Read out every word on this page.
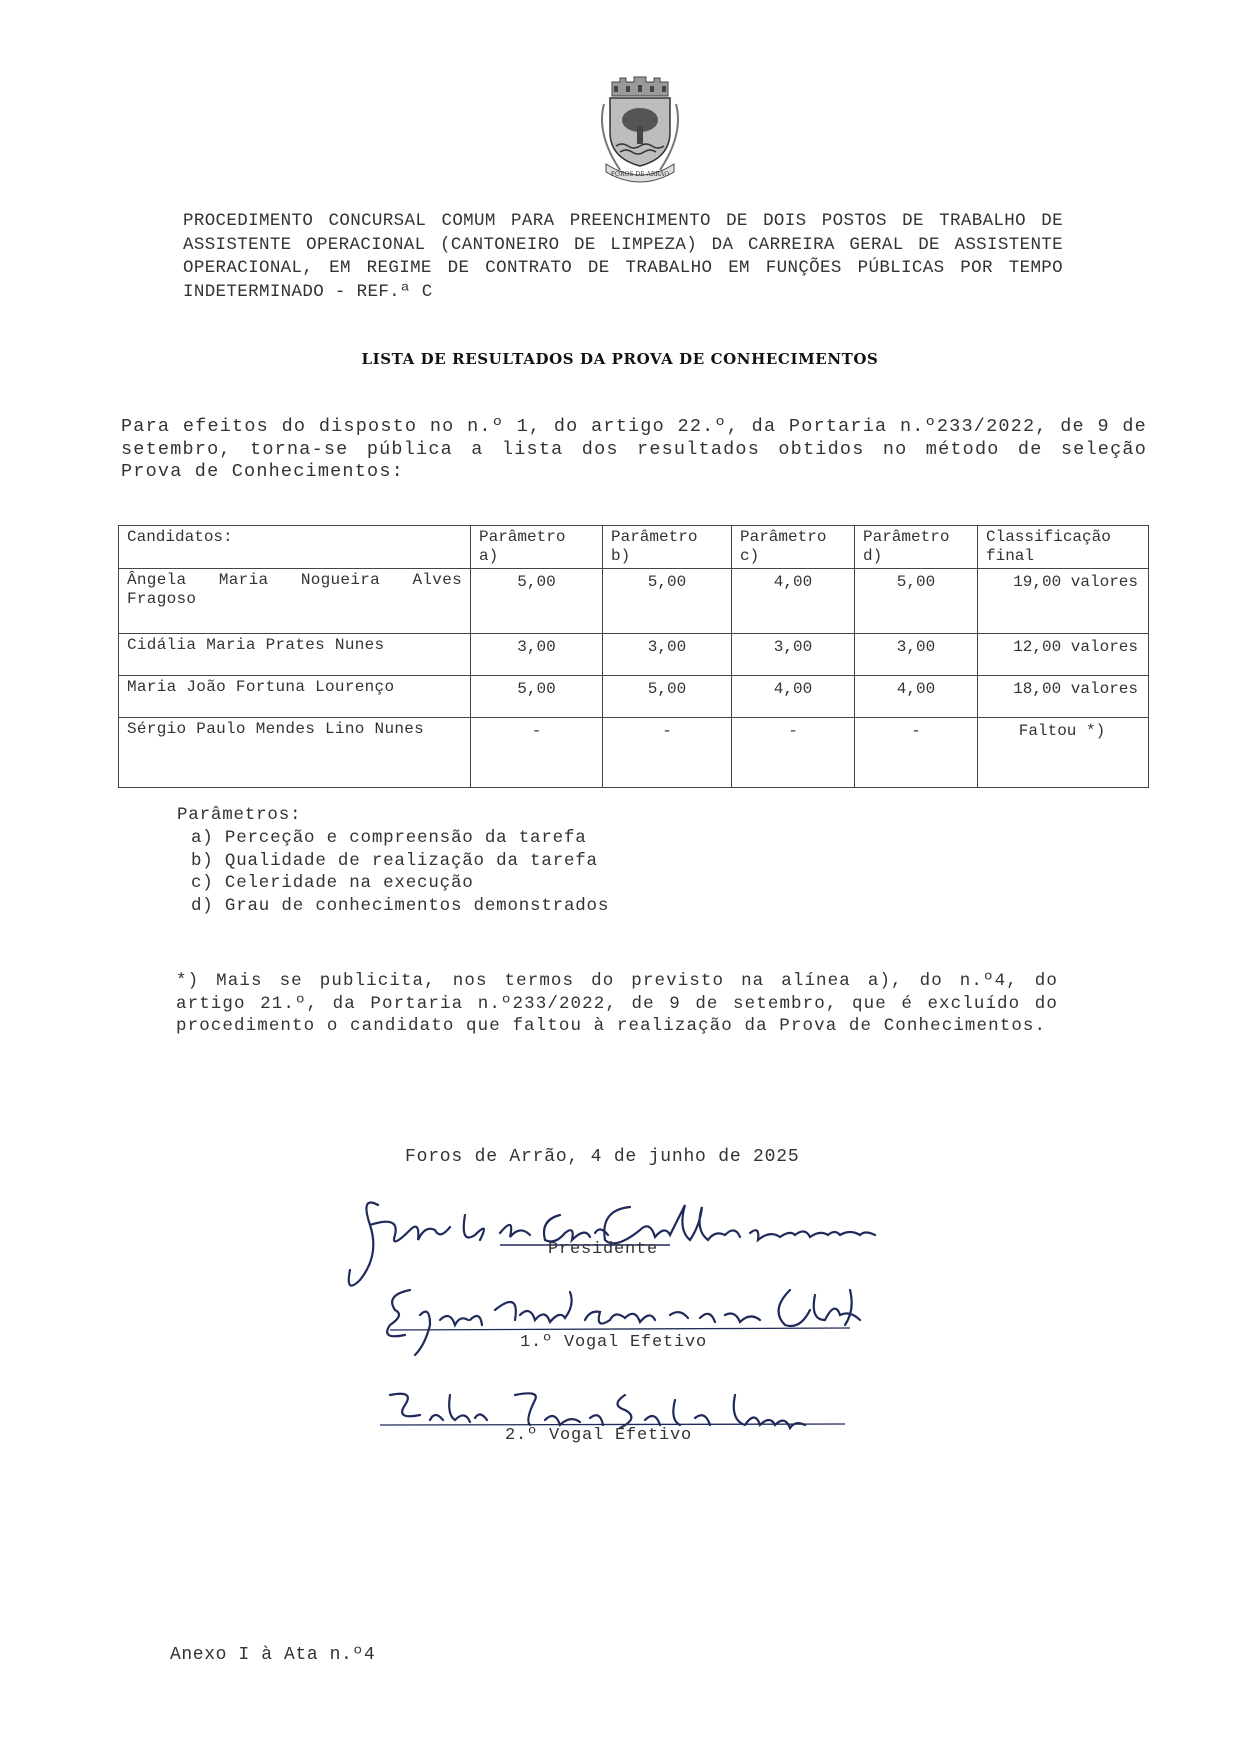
FOROS DE ARRÃO
PROCEDIMENTO CONCURSAL COMUM PARA PREENCHIMENTO DE DOIS POSTOS DE TRABALHO DE ASSISTENTE OPERACIONAL (CANTONEIRO DE LIMPEZA) DA CARREIRA GERAL DE ASSISTENTE OPERACIONAL, EM REGIME DE CONTRATO DE TRABALHO EM FUNÇÕES PÚBLICAS POR TEMPO INDETERMINADO - REF.ª C
LISTA DE RESULTADOS DA PROVA DE CONHECIMENTOS
Para efeitos do disposto no n.º 1, do artigo 22.º, da Portaria n.º233/2022, de 9 de setembro, torna-se pública a lista dos resultados obtidos no método de seleção Prova de Conhecimentos:
Candidatos:	Parâmetro a)	Parâmetro b)	Parâmetro c)	Parâmetro d)	Classificação final
Ângela Maria Nogueira Alves Fragoso	5,00	5,00	4,00	5,00	19,00 valores
Cidália Maria Prates Nunes	3,00	3,00	3,00	3,00	12,00 valores
Maria João Fortuna Lourenço	5,00	5,00	4,00	4,00	18,00 valores
Sérgio Paulo Mendes Lino Nunes	-	-	-	-	Faltou *)
Parâmetros:
a) Perceção e compreensão da tarefa
b) Qualidade de realização da tarefa
c) Celeridade na execução
d) Grau de conhecimentos demonstrados
*) Mais se publicita, nos termos do previsto na alínea a), do n.º4, do artigo 21.º, da Portaria n.º233/2022, de 9 de setembro, que é excluído do procedimento o candidato que faltou à realização da Prova de Conhecimentos.
Foros de Arrão, 4 de junho de 2025
Presidente
1.º Vogal Efetivo
2.º Vogal Efetivo
Anexo I à Ata n.º4
